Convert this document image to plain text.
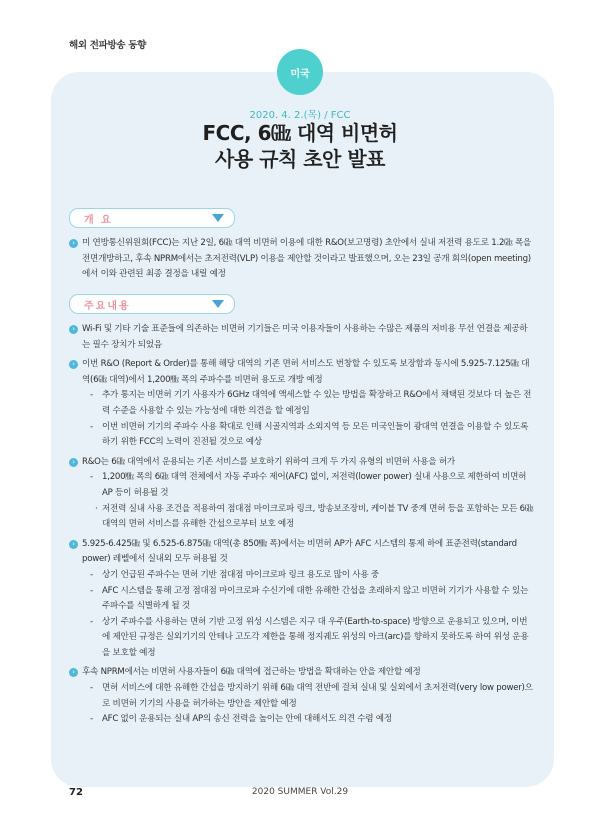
해외 전파방송 동향
미국
2020. 4. 2.(목) / FCC
FCC, 6㎓ 대역 비면허
사용 규칙 초안 발표
개 요
› 미 연방통신위원회(FCC)는 지난 2일, 6㎓ 대역 비면허 이용에 대한 R&O(보고명령) 초안에서 실내 저전력 용도로 1.2㎓ 폭을 전면개방하고, 후속 NPRM에서는 초저전력(VLP) 이용을 제안할 것이라고 발표했으며, 오는 23일 공개 회의(open meeting)에서 이와 관련된 최종 결정을 내릴 예정
주요내용
› Wi-Fi 및 기타 기술 표준들에 의존하는 비면허 기기들은 미국 이용자들이 사용하는 수많은 제품의 저비용 무선 연결을 제공하는 필수 장치가 되었음
› 이번 R&O (Report & Order)를 통해 해당 대역의 기존 면허 서비스도 번창할 수 있도록 보장함과 동시에 5.925-7.125㎓ 대역(6㎓ 대역)에서 1,200㎒ 폭의 주파수를 비면허 용도로 개방 예정
- 추가 통지는 비면허 기기 사용자가 6GHz 대역에 액세스할 수 있는 방법을 확장하고 R&O에서 채택된 것보다 더 높은 전력 수준을 사용할 수 있는 가능성에 대한 의견을 할 예정임
- 이번 비면허 기기의 주파수 사용 확대로 인해 시골지역과 소외지역 등 모든 미국인들이 광대역 연결을 이용할 수 있도록 하기 위한 FCC의 노력이 진전될 것으로 예상
› R&O는 6㎓ 대역에서 운용되는 기존 서비스를 보호하기 위하여 크게 두 가지 유형의 비면허 사용을 허가
- 1,200㎒ 폭의 6㎓ 대역 전체에서 자동 주파수 제어(AFC) 없이, 저전력(lower power) 실내 사용으로 제한하여 비면허 AP 등이 허용될 것
· 저전력 실내 사용 조건을 적용하여 점대점 마이크로파 링크, 방송보조장비, 케이블 TV 중계 면허 등을 포함하는 모든 6㎓ 대역의 면허 서비스를 유해한 간섭으로부터 보호 예정
› 5.925-6.425㎓ 및 6.525-6.875㎓ 대역(총 850㎒ 폭)에서는 비면허 AP가 AFC 시스템의 통제 하에 표준전력(standard power) 레벨에서 실내외 모두 허용될 것
- 상기 언급된 주파수는 면허 기반 점대점 마이크로파 링크 용도로 많이 사용 중
- AFC 시스템을 통해 고정 점대점 마이크로파 수신기에 대한 유해한 간섭을 초래하지 않고 비면허 기기가 사용할 수 있는 주파수를 식별하게 될 것
- 상기 주파수를 사용하는 면허 기반 고정 위성 시스템은 지구 대 우주(Earth-to-space) 방향으로 운용되고 있으며, 이번에 제안된 규정은 실외기기의 안테나 고도각 제한을 통해 정지궤도 위성의 아크(arc)를 향하지 못하도록 하여 위성 운용을 보호할 예정
› 후속 NPRM에서는 비면허 사용자들이 6㎓ 대역에 접근하는 방법을 확대하는 안을 제안할 예정
- 면허 서비스에 대한 유해한 간섭을 방지하기 위해 6㎓ 대역 전반에 걸쳐 실내 및 실외에서 초저전력(very low power)으로 비면허 기기의 사용을 허가하는 방안을 제안할 예정
- AFC 없이 운용되는 실내 AP의 송신 전력을 높이는 안에 대해서도 의견 수렴 예정
72	2020 SUMMER Vol.29
